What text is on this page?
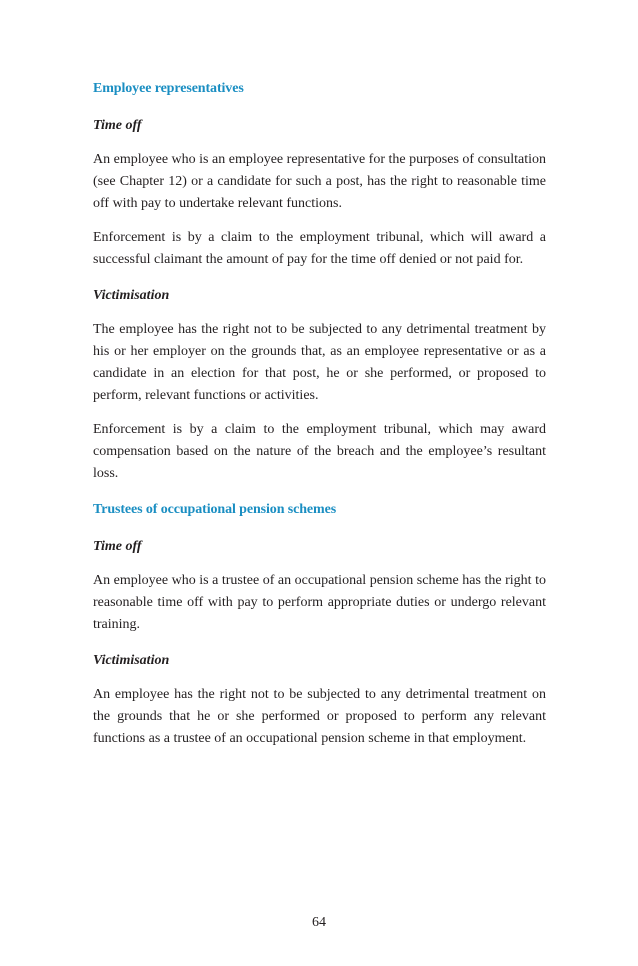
Employee representatives
Time off

An employee who is an employee representative for the purposes of consultation (see Chapter 12) or a candidate for such a post, has the right to reasonable time off with pay to undertake relevant functions.

Enforcement is by a claim to the employment tribunal, which will award a successful claimant the amount of pay for the time off denied or not paid for.

Victimisation

The employee has the right not to be subjected to any detrimental treatment by his or her employer on the grounds that, as an employee representative or as a candidate in an election for that post, he or she performed, or proposed to perform, relevant functions or activities.

Enforcement is by a claim to the employment tribunal, which may award compensation based on the nature of the breach and the employee’s resultant loss.

Trustees of occupational pension schemes
Time off

An employee who is a trustee of an occupational pension scheme has the right to reasonable time off with pay to perform appropriate duties or undergo relevant training.

Victimisation

An employee has the right not to be subjected to any detrimental treatment on the grounds that he or she performed or proposed to perform any relevant functions as a trustee of an occupational pension scheme in that employment.

64
